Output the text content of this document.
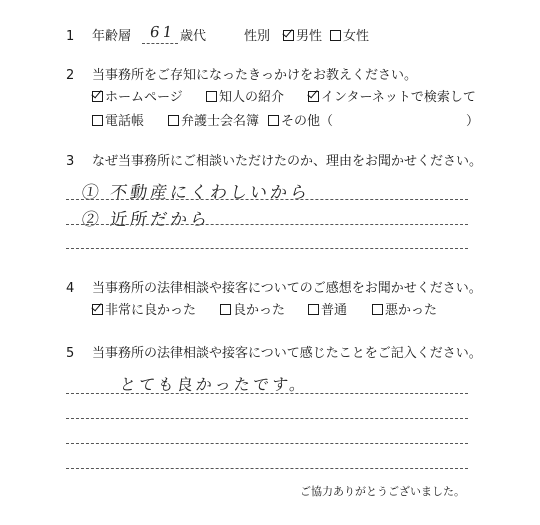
1 年齢層 61 歳代	性別	男性	女性
2 当事務所をご存知になったきっかけをお教えください。
ホームページ	知人の紹介	インターネットで検索して
電話帳	弁護士会名簿	その他（	）
3 なぜ当事務所にご相談いただけたのか、理由をお聞かせください。
① 不動産にくわしいから
② 近所だから
4 当事務所の法律相談や接客についてのご感想をお聞かせください。
非常に良かった	良かった	普通	悪かった
5 当事務所の法律相談や接客について感じたことをご記入ください。
とても良かったです。
ご協力ありがとうございました。
